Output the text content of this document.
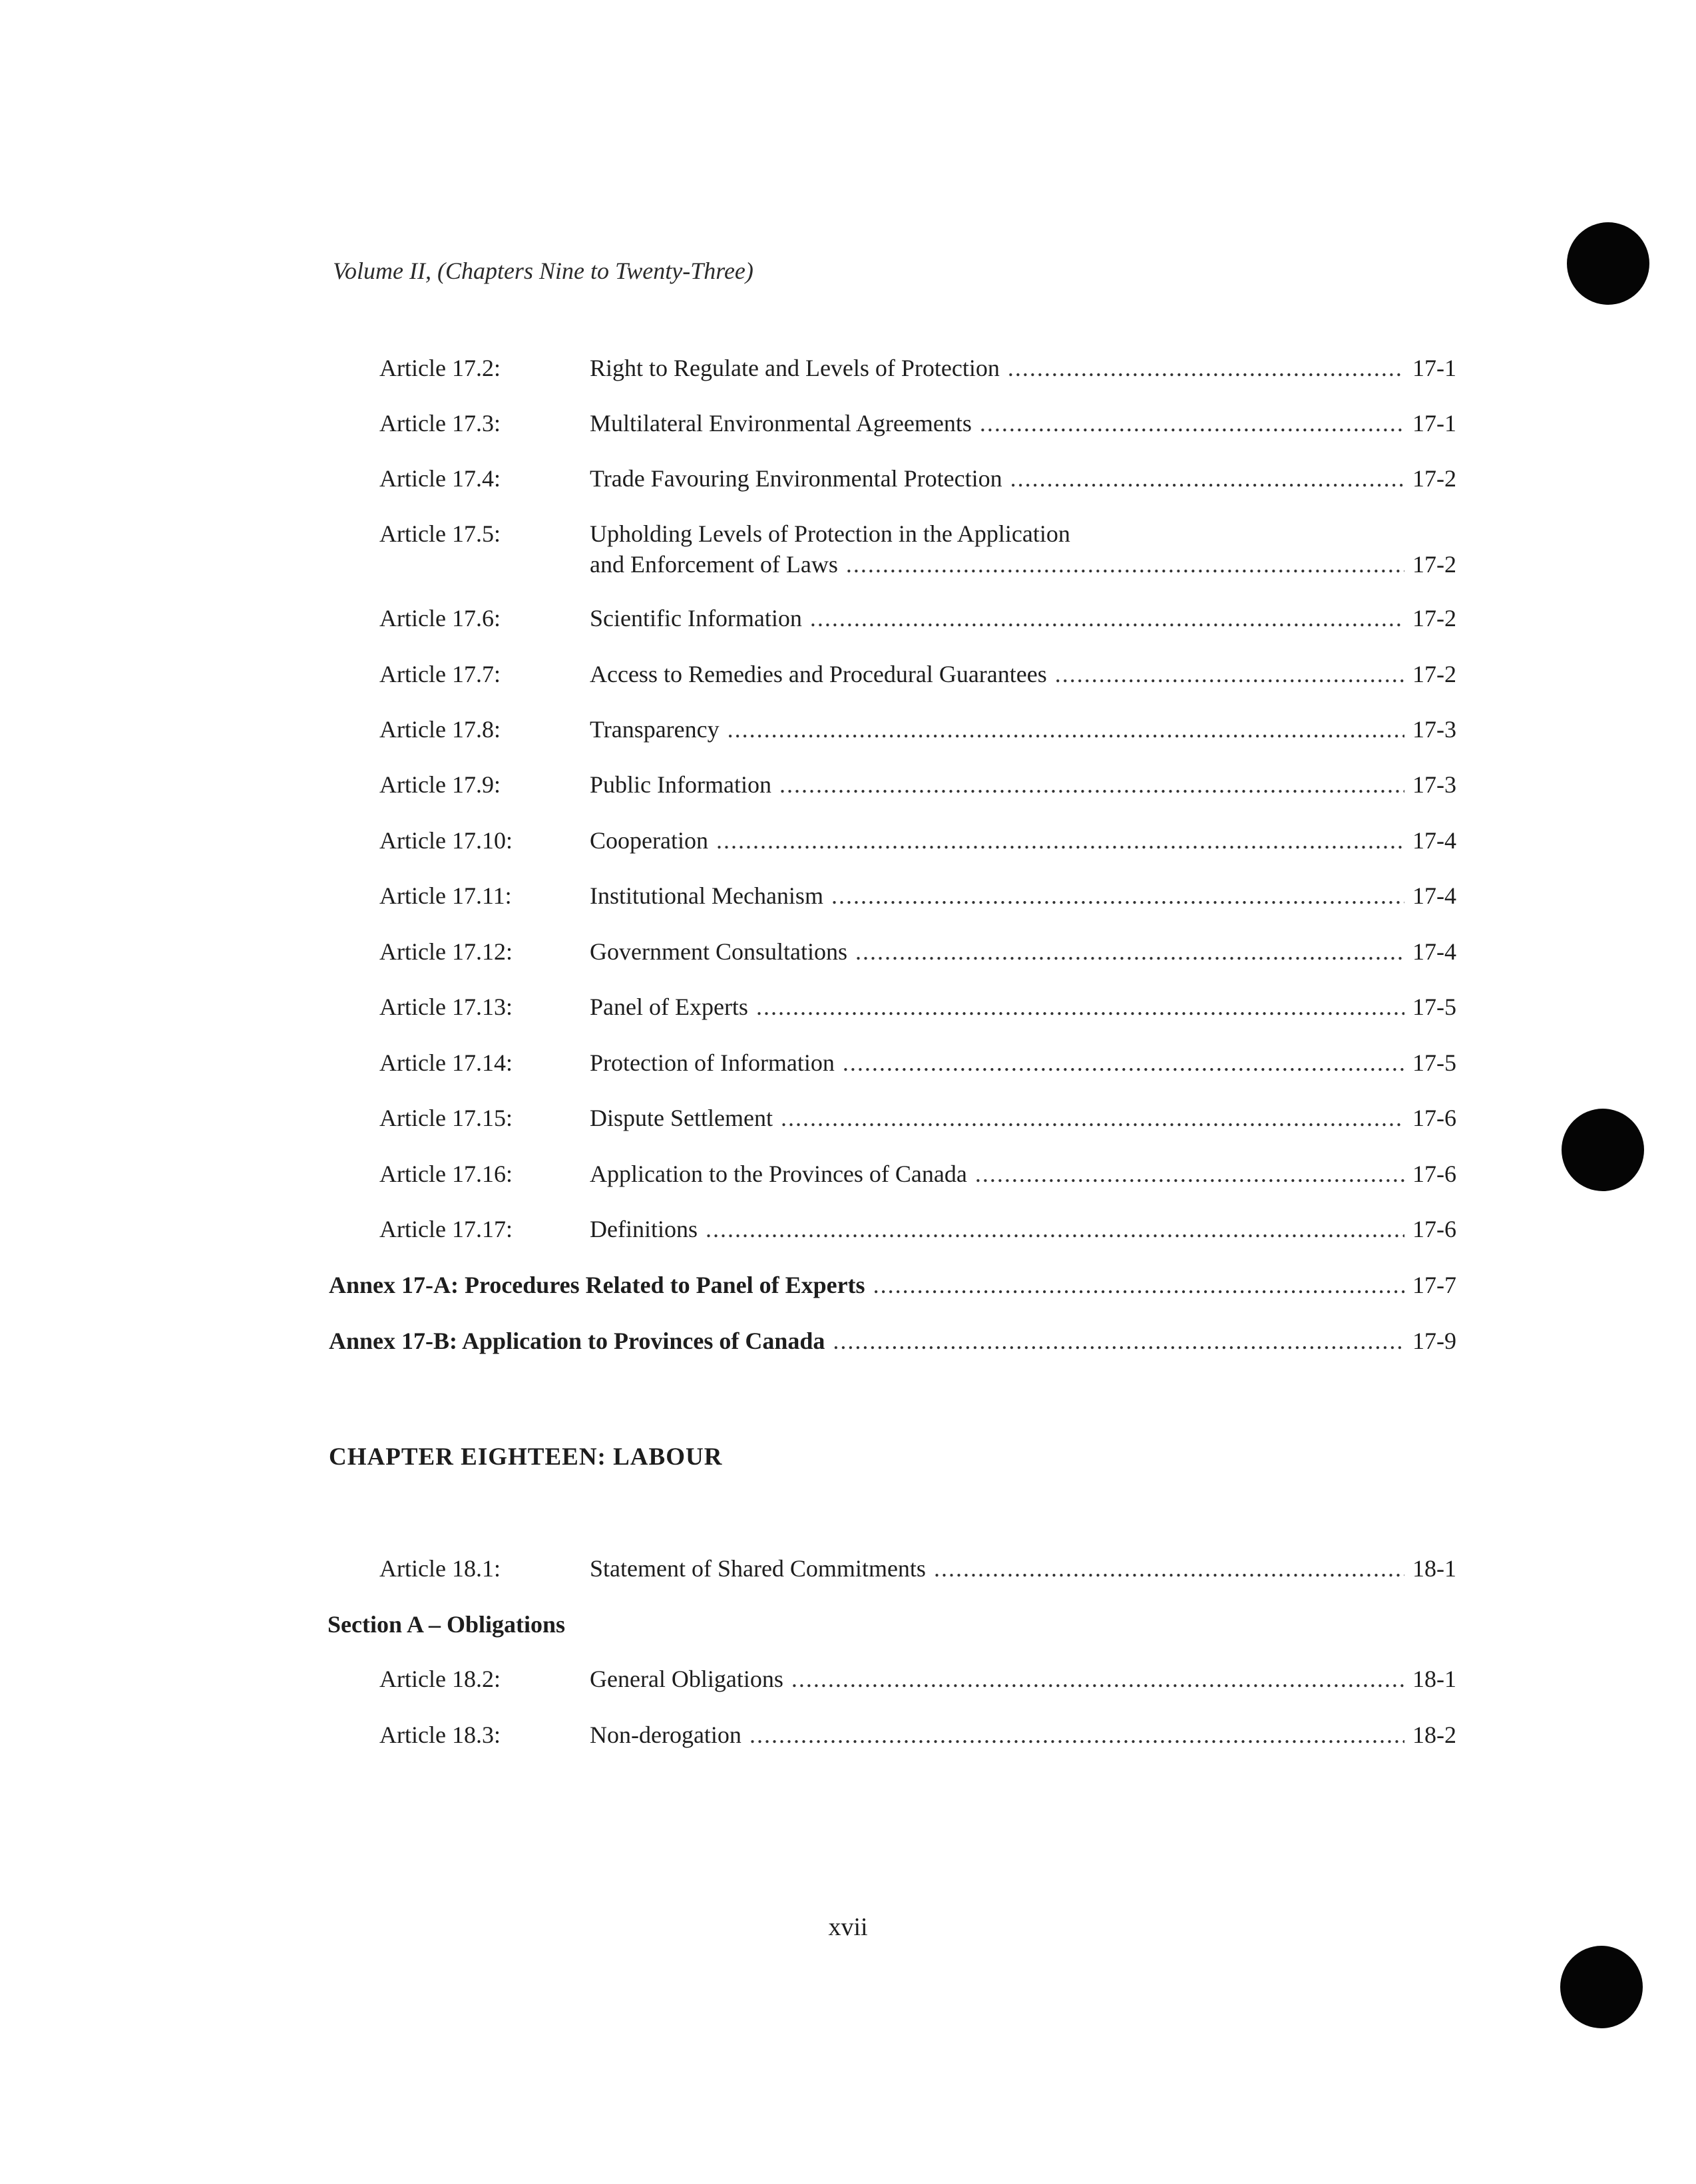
Volume II, (Chapters Nine to Twenty-Three)
Article 17.2:	Right to Regulate and Levels of Protection .....	17-1
Article 17.3:	Multilateral Environmental Agreements .....	17-1
Article 17.4:	Trade Favouring Environmental Protection .....	17-2
Article 17.5:	Upholding Levels of Protection in the Application
and Enforcement of Laws .....	17-2
Article 17.6:	Scientific Information .....	17-2
Article 17.7:	Access to Remedies and Procedural Guarantees .....	17-2
Article 17.8:	Transparency .....	17-3
Article 17.9:	Public Information .....	17-3
Article 17.10:	Cooperation .....	17-4
Article 17.11:	Institutional Mechanism .....	17-4
Article 17.12:	Government Consultations .....	17-4
Article 17.13:	Panel of Experts .....	17-5
Article 17.14:	Protection of Information .....	17-5
Article 17.15:	Dispute Settlement .....	17-6
Article 17.16:	Application to the Provinces of Canada .....	17-6
Article 17.17:	Definitions .....	17-6
Annex 17-A: Procedures Related to Panel of Experts .....	17-7
Annex 17-B: Application to Provinces of Canada .....	17-9
CHAPTER EIGHTEEN: LABOUR
Article 18.1:	Statement of Shared Commitments .....	18-1
Section A – Obligations
Article 18.2:	General Obligations .....	18-1
Article 18.3:	Non-derogation .....	18-2
xvii
